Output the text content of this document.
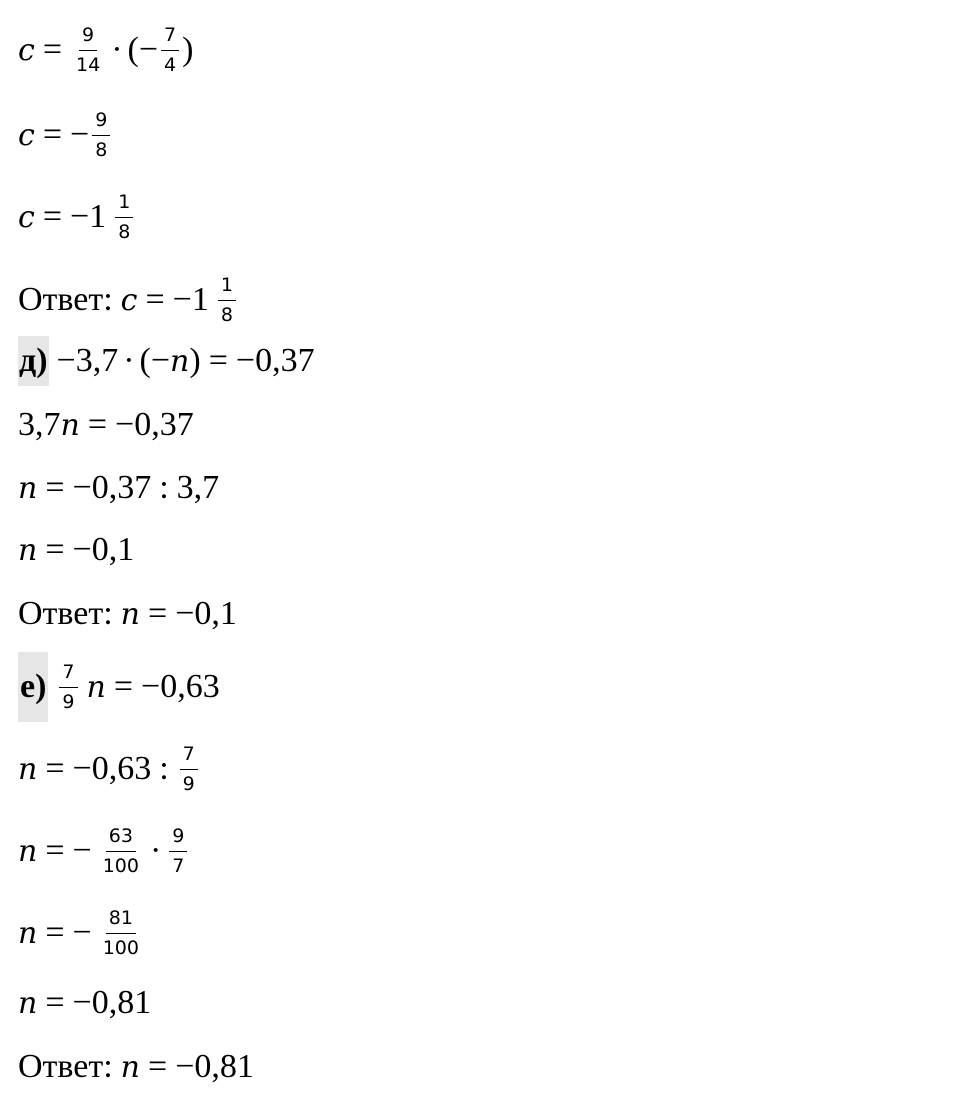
$c = \frac{9}{14}$ · ( − $\frac{7}{4}$ )
c = − $\frac{9}{8}$
$c = -1 \frac{1}{8}$
Ответ: $c = -1 \frac{1}{8}$
д) −3,7 · (− n ) = −0,37
3,7 n = −0,37
n = −0,37 : 3,7
n = −0,1
Ответ: n = −0,1
$е) \frac{7}{9}$ n = −0,63
n = −0,63 : $\frac{7}{9}$
n = − $\frac{63}{100} \cdot \frac{9}{7}$
n = − $\frac{81}{100}$
n = −0,81
Ответ: n = −0,81
